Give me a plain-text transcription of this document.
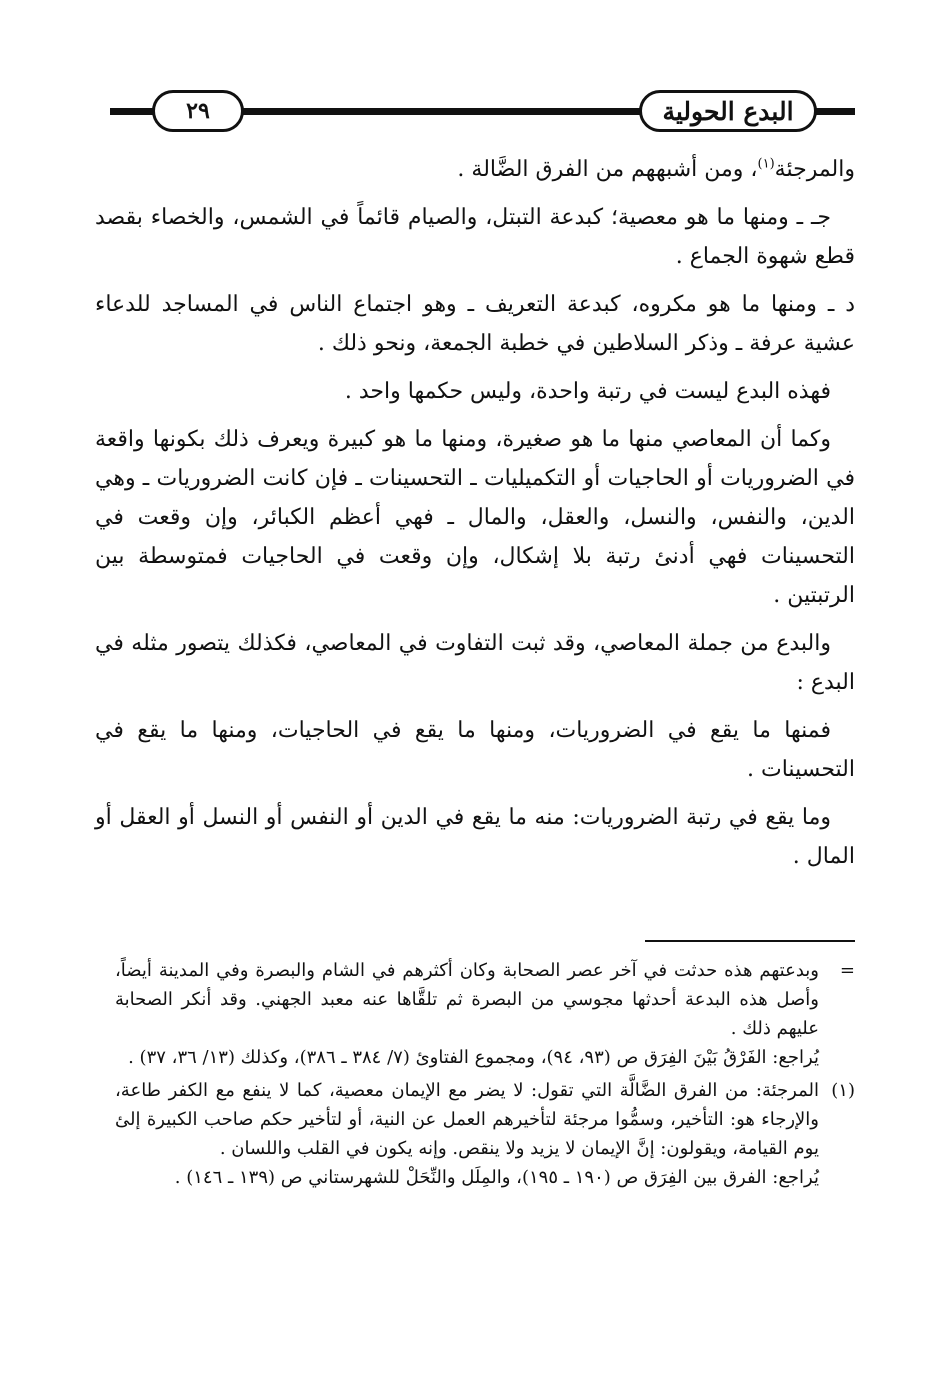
البدع الحولية
٢٩

والمرجئة$^{(١)}$، ومن أشبههم من الفرق الضَّالة .

جـ ـ ومنها ما هو معصية؛ كبدعة التبتل، والصيام قائماً في الشمس، والخصاء بقصد قطع شهوة الجماع .

د ـ ومنها ما هو مكروه، كبدعة التعريف ـ وهو اجتماع الناس في المساجد للدعاء عشية عرفة ـ وذكر السلاطين في خطبة الجمعة، ونحو ذلك .

فهذه البدع ليست في رتبة واحدة، وليس حكمها واحد .

وكما أن المعاصي منها ما هو صغيرة، ومنها ما هو كبيرة ويعرف ذلك بكونها واقعة في الضروريات أو الحاجيات أو التكميليات ـ التحسينات ـ فإن كانت الضروريات ـ وهي الدين، والنفس، والنسل، والعقل، والمال ـ فهي أعظم الكبائر، وإن وقعت في التحسينات فهي أدنئ رتبة بلا إشكال، وإن وقعت في الحاجيات فمتوسطة بين الرتبتين .

والبدع من جملة المعاصي، وقد ثبت التفاوت في المعاصي، فكذلك يتصور مثله في البدع :

فمنها ما يقع في الضروريات، ومنها ما يقع في الحاجيات، ومنها ما يقع في التحسينات .

وما يقع في رتبة الضروريات: منه ما يقع في الدين أو النفس أو النسل أو العقل أو المال .

=

وبدعتهم هذه حدثت في آخر عصر الصحابة وكان أكثرهم في الشام والبصرة وفي المدينة أيضاً، وأصل هذه البدعة أحدثها مجوسي من البصرة ثم تلقَّاها عنه معبد الجهني. وقد أنكر الصحابة عليهم ذلك .

يُراجع: الفَرْقُ بَيْنَ الفِرَق ص (٩٣، ٩٤)، ومجموع الفتاوئ (٧/ ٣٨٤ ـ ٣٨٦)، وكذلك (١٣/ ٣٦، ٣٧) .

(١)

المرجئة: من الفرق الضَّالَّة التي تقول: لا يضر مع الإيمان معصية، كما لا ينفع مع الكفر طاعة، والإرجاء هو: التأخير، وسمُّوا مرجئة لتأخيرهم العمل عن النية، أو لتأخير حكم صاحب الكبيرة إلئ يوم القيامة، ويقولون: إنَّ الإيمان لا يزيد ولا ينقص. وإنه يكون في القلب واللسان .

يُراجع: الفرق بين الفِرَق ص (١٩٠ ـ ١٩٥)، والمِلَل والنِّحَلْ للشهرستاني ص (١٣٩ ـ ١٤٦) .
